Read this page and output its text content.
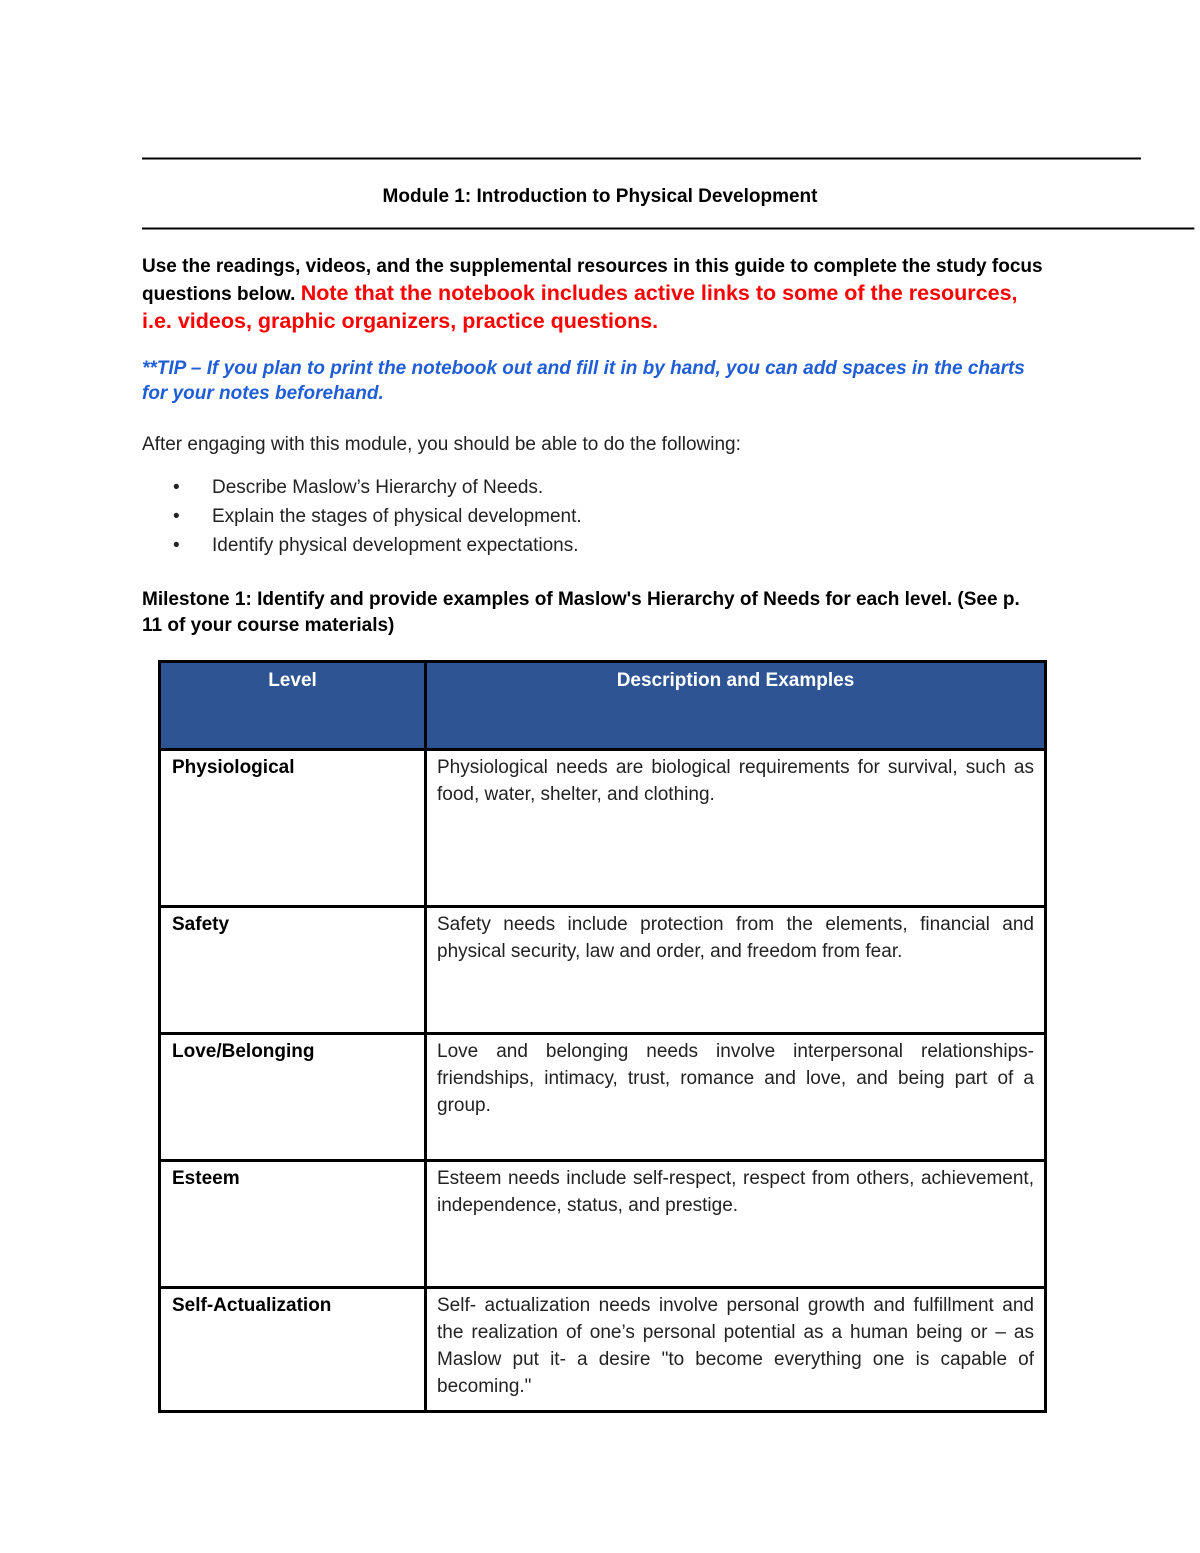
————————————————————————————————————————————————————————
Module 1: Introduction to Physical Development
———————————————————————————————————————————————————————————

Use the readings, videos, and the supplemental resources in this guide to complete the study focus questions below. Note that the notebook includes active links to some of the resources, i.e. videos, graphic organizers, practice questions.

**TIP – If you plan to print the notebook out and fill it in by hand, you can add spaces in the charts for your notes beforehand.

After engaging with this module, you should be able to do the following:

• Describe Maslow’s Hierarchy of Needs.
• Explain the stages of physical development.
• Identify physical development expectations.

Milestone 1: Identify and provide examples of Maslow's Hierarchy of Needs for each level. (See p. 11 of your course materials)

Level	Description and Examples
Physiological	Physiological needs are biological requirements for survival, such as food, water, shelter, and clothing.
Safety	Safety needs include protection from the elements, financial and physical security, law and order, and freedom from fear.
Love/Belonging	Love and belonging needs involve interpersonal relationships-friendships, intimacy, trust, romance and love, and being part of a group.
Esteem	Esteem needs include self-respect, respect from others, achievement, independence, status, and prestige.
Self-Actualization	Self- actualization needs involve personal growth and fulfillment and the realization of one’s personal potential as a human being or – as Maslow put it- a desire "to become everything one is capable of becoming."
